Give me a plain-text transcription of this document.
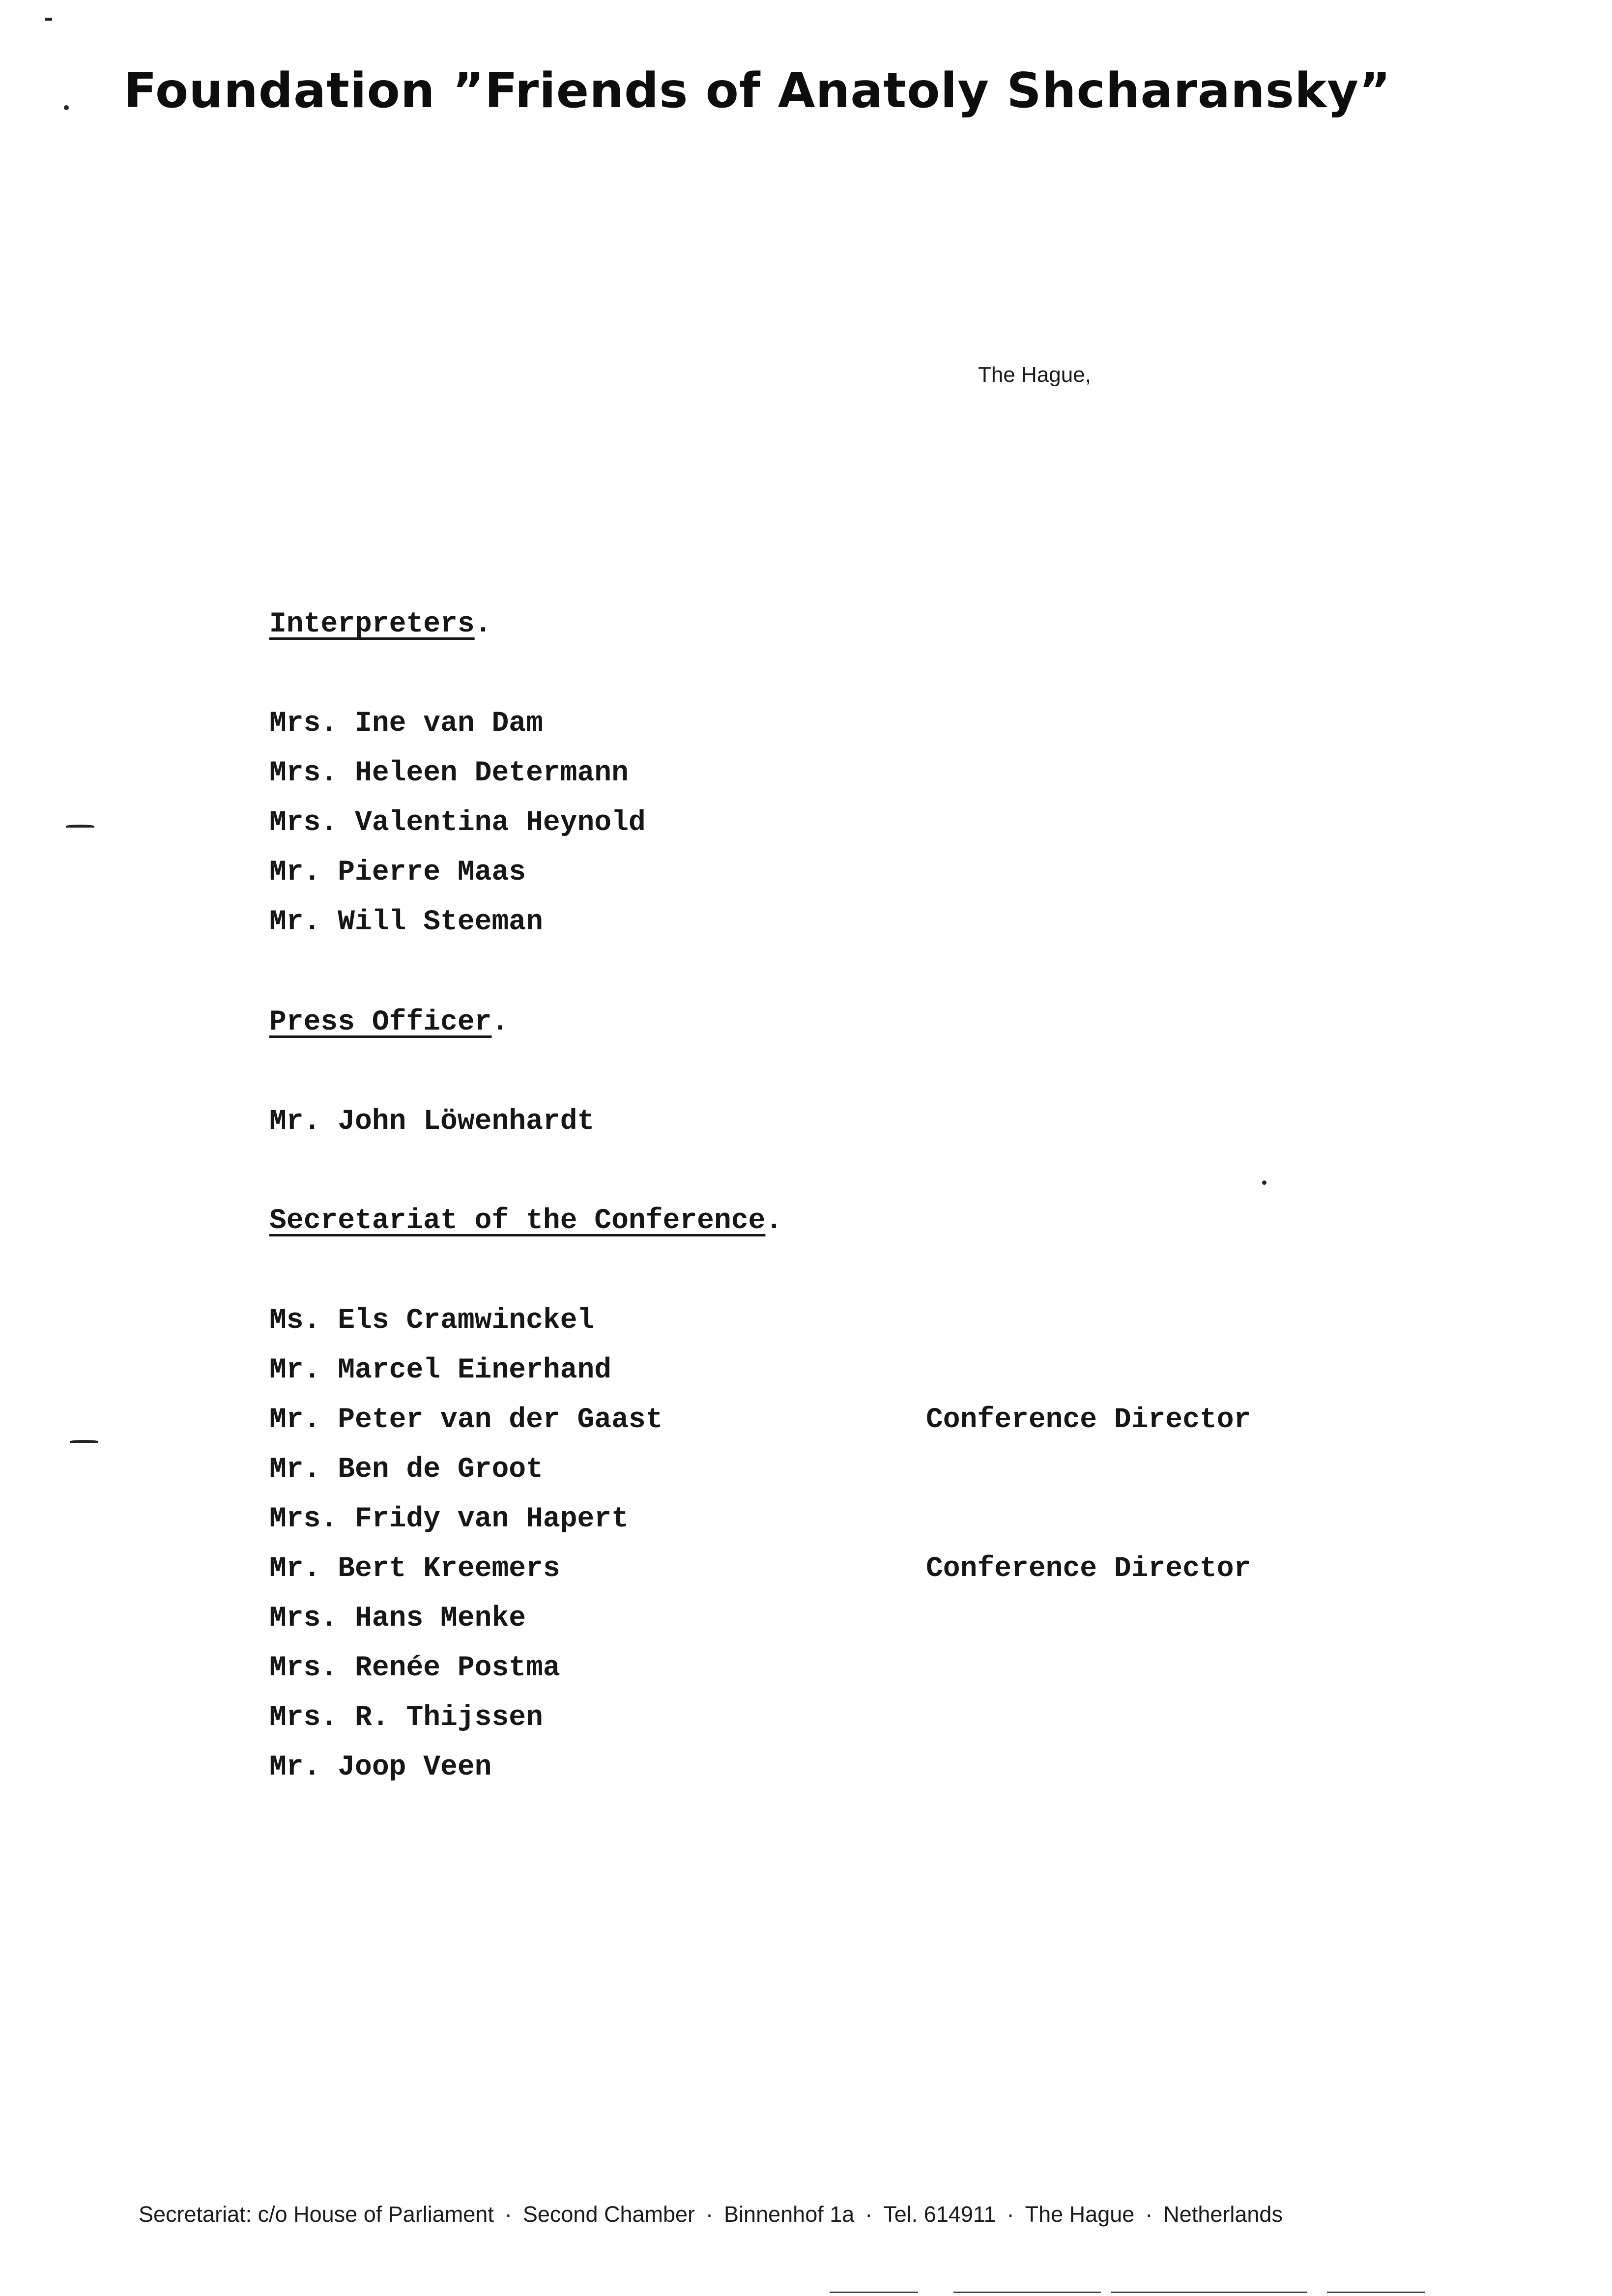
Foundation ”Friends of Anatoly Shcharansky”
The Hague,
Interpreters.
Mrs. Ine van Dam
Mrs. Heleen Determann
Mrs. Valentina Heynold
Mr. Pierre Maas
Mr. Will Steeman
Press Officer.
Mr. John Löwenhardt
Secretariat of the Conference.
Ms. Els Cramwinckel
Mr. Marcel Einerhand
Mr. Peter van der Gaast	Conference Director
Mr. Ben de Groot
Mrs. Fridy van Hapert
Mr. Bert Kreemers	Conference Director
Mrs. Hans Menke
Mrs. Renée Postma
Mrs. R. Thijssen
Mr. Joop Veen
Secretariat: c/o House of Parliament · Second Chamber · Binnenhof 1a · Tel. 614911 · The Hague · Netherlands
